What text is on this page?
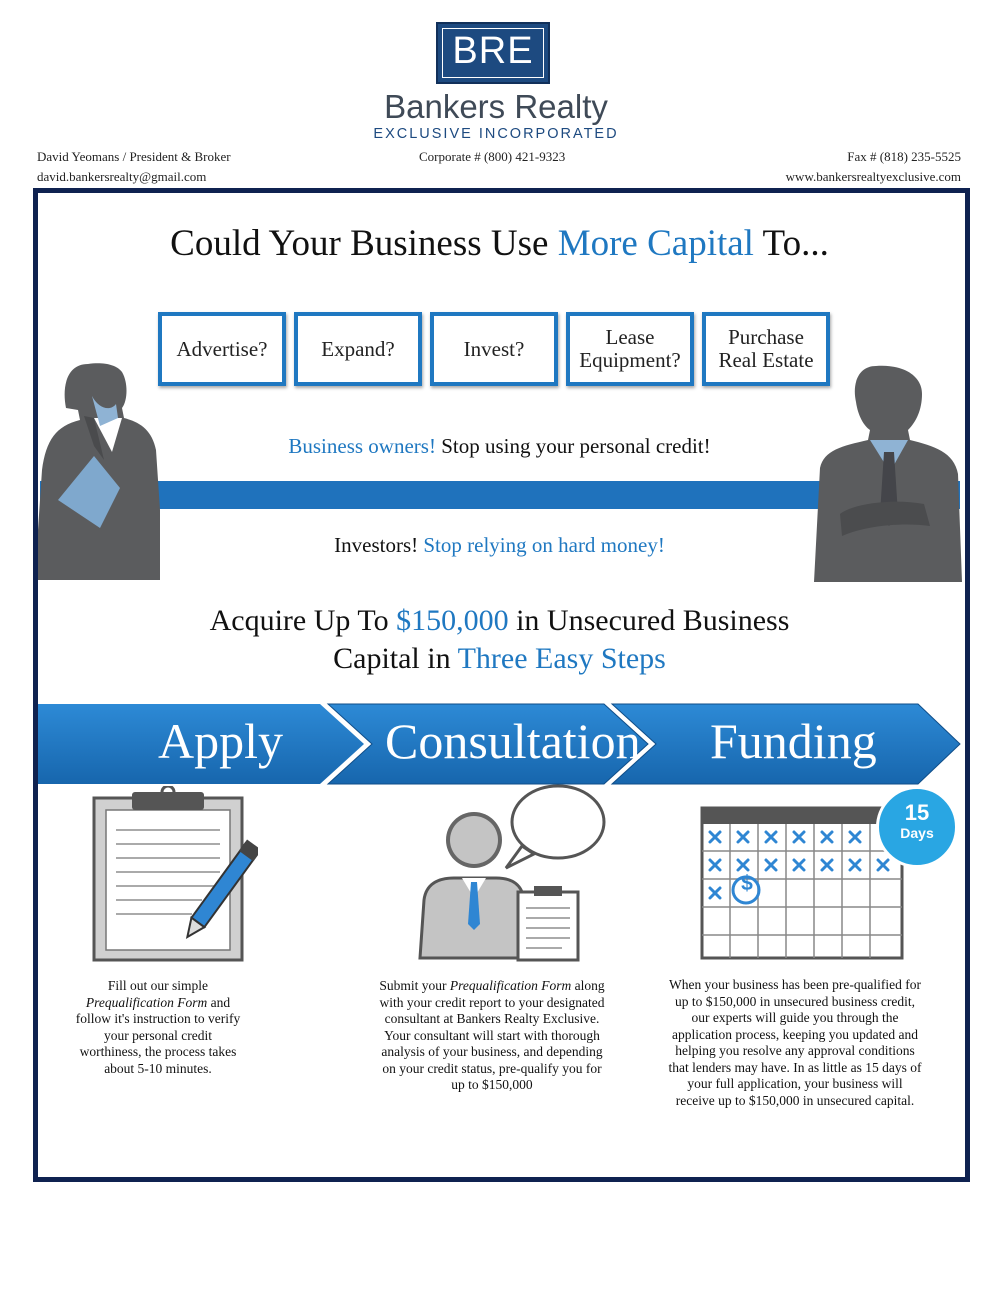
BRE
Bankers Realty
EXCLUSIVE INCORPORATED
David Yeomans / President & Broker
david.bankersrealty@gmail.com
Corporate # (800) 421-9323	Fax # (818) 235-5525
www.bankersrealtyexclusive.com
Could Your Business Use More Capital To...
Advertise?	Expand?	Invest?	Lease
Equipment?
Purchase
Real Estate
Business owners! Stop using your personal credit!
Investors! Stop relying on hard money!
Acquire Up To $150,000 in Unsecured Business
Capital in Three Easy Steps
Apply Consultation Funding
$
15
Days
Fill out our simple
Prequalification Form and follow it's instruction to verify your personal credit worthiness, the process takes about 5-10 minutes.
Submit your Prequalification Form along with your credit report to your designated consultant at Bankers Realty Exclusive. Your consultant will start with thorough analysis of your business, and depending on your credit status, pre-qualify you for up to $150,000
When your business has been pre-qualified for up to $150,000 in unsecured business credit, our experts will guide you through the application process, keeping you updated and helping you resolve any approval conditions that lenders may have. In as little as 15 days of your full application, your business will receive up to $150,000 in unsecured capital.
